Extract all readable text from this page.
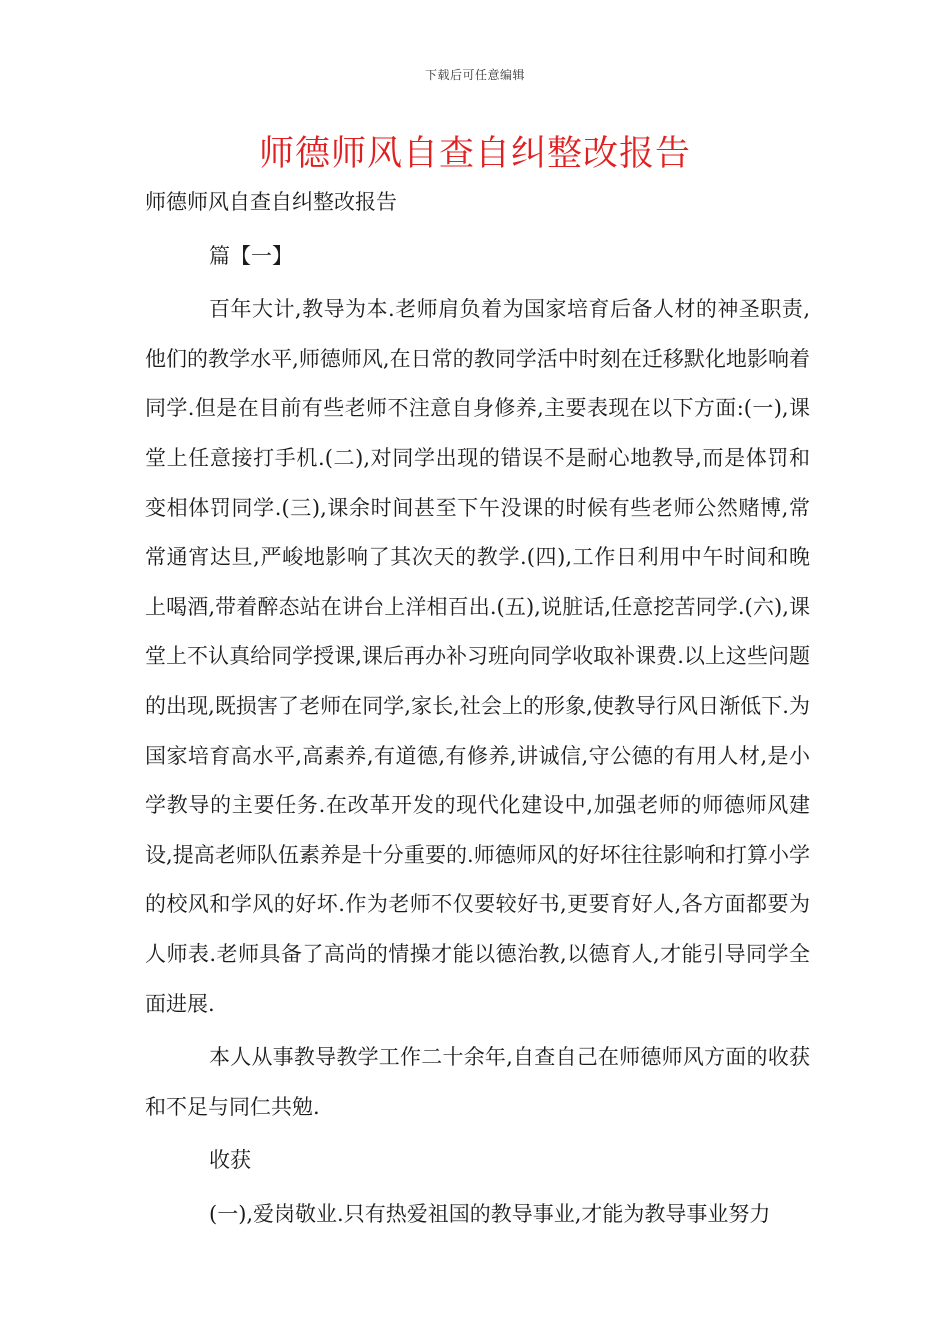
下载后可任意编辑
师德师风自查自纠整改报告

师德师风自查自纠整改报告

篇【一】

百年大计,教导为本.老师肩负着为国家培育后备人材的神圣职责,他们的教学水平,师德师风,在日常的教同学活中时刻在迁移默化地影响着同学.但是在目前有些老师不注意自身修养,主要表现在以下方面:(一),课堂上任意接打手机.(二),对同学出现的错误不是耐心地教导,而是体罚和变相体罚同学.(三),课余时间甚至下午没课的时候有些老师公然赌博,常常通宵达旦,严峻地影响了其次天的教学.(四),工作日利用中午时间和晚上喝酒,带着醉态站在讲台上洋相百出.(五),说脏话,任意挖苦同学.(六),课堂上不认真给同学授课,课后再办补习班向同学收取补课费.以上这些问题的出现,既损害了老师在同学,家长,社会上的形象,使教导行风日渐低下.为国家培育高水平,高素养,有道德,有修养,讲诚信,守公德的有用人材,是小学教导的主要任务.在改革开发的现代化建设中,加强老师的师德师风建设,提高老师队伍素养是十分重要的.师德师风的好坏往往影响和打算小学的校风和学风的好坏.作为老师不仅要较好书,更要育好人,各方面都要为人师表.老师具备了高尚的情操才能以德治教,以德育人,才能引导同学全面进展.

本人从事教导教学工作二十余年,自查自己在师德师风方面的收获和不足与同仁共勉.

收获

(一),爱岗敬业.只有热爱祖国的教导事业,才能为教导事业努力
